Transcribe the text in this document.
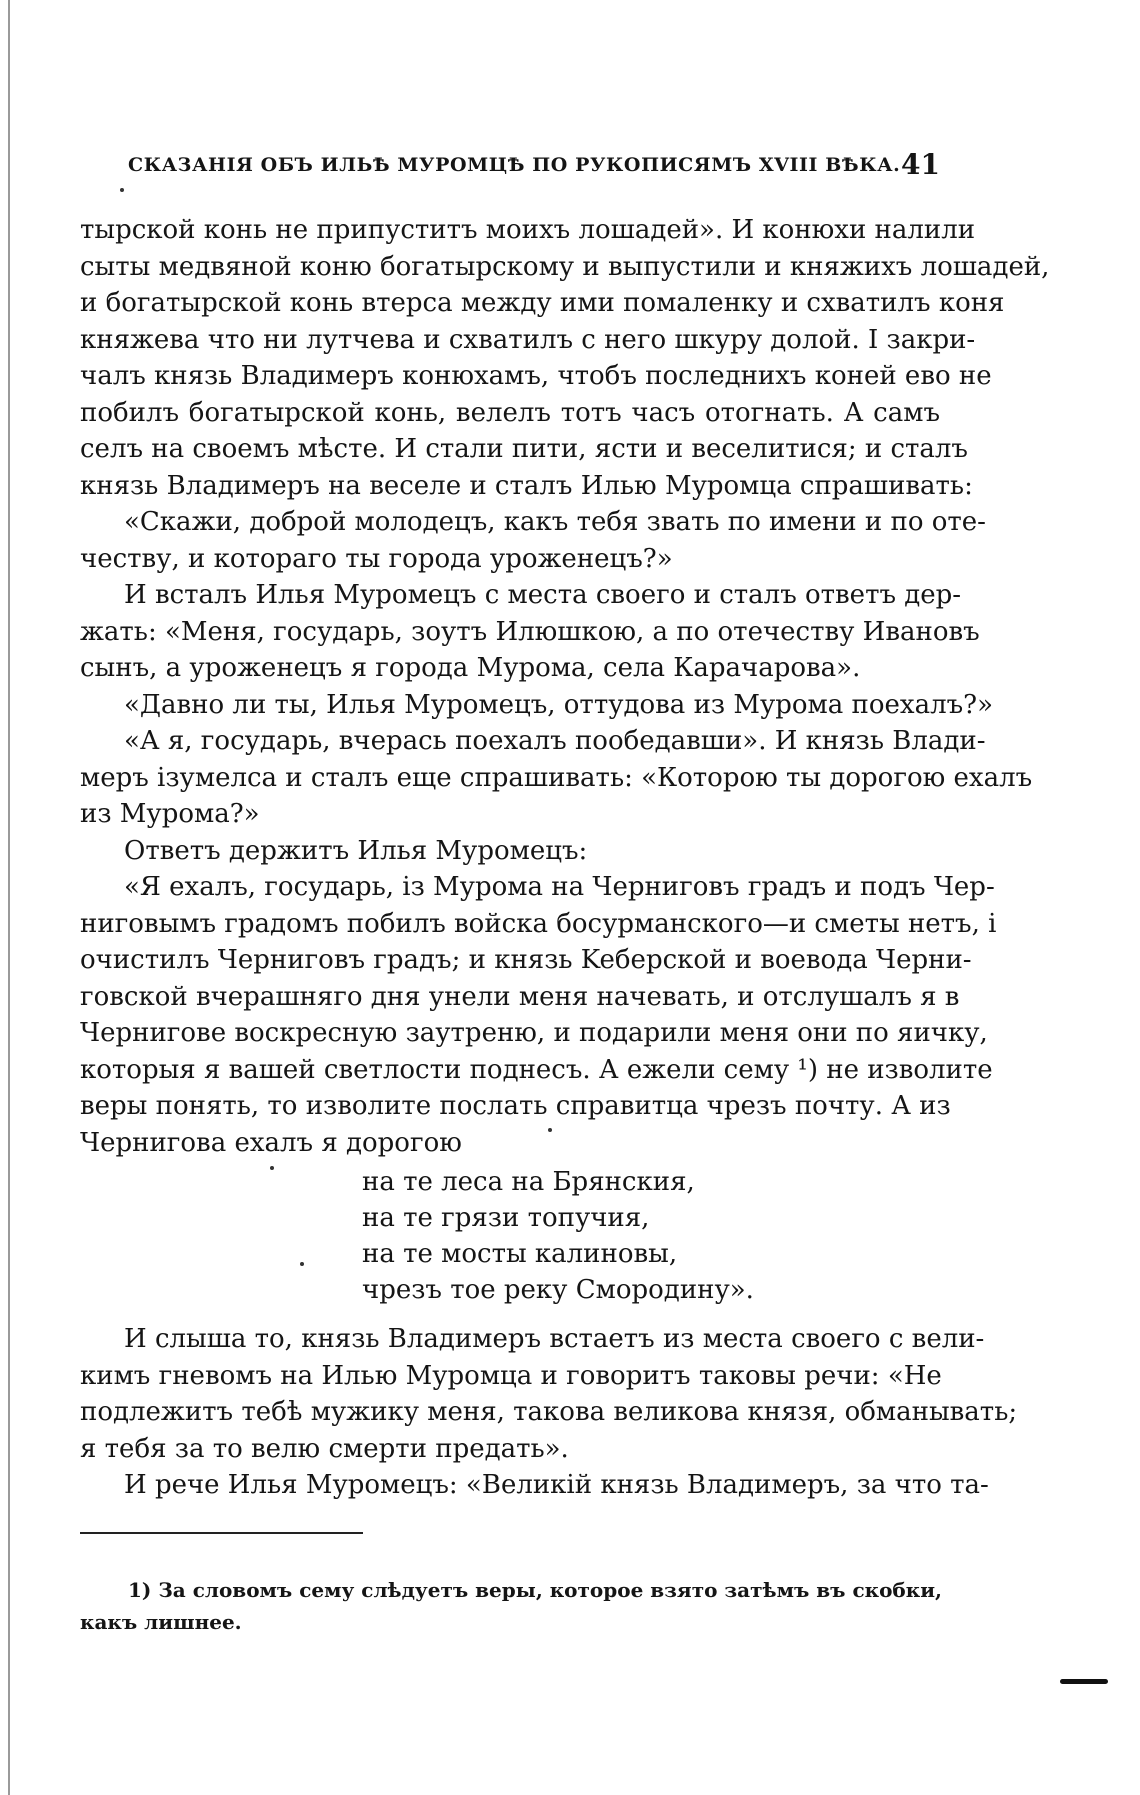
СКАЗАНІЯ ОБЪ ИЛЬѢ МУРОМЦѢ ПО РУКОПИСЯМЪ XVIII ВѢКА. 41
тырской конь не припуститъ моихъ лошадей». И конюхи налили
сыты медвяной коню богатырскому и выпустили и княжихъ лошадей,
и богатырской конь втерса между ими помаленку и схватилъ коня
княжева что ни лутчева и схватилъ с него шкуру долой. I закри-
чалъ князь Владимеръ конюхамъ, чтобъ последнихъ коней ево не
побилъ богатырской конь, велелъ тотъ часъ отогнать. А самъ
селъ на своемъ мѣсте. И стали пити, ясти и веселитися; и сталъ
князь Владимеръ на веселе и сталъ Илью Муромца спрашивать:
«Скажи, доброй молодецъ, какъ тебя звать по имени и по оте-
честву, и котораго ты города уроженецъ?»
И всталъ Илья Муромецъ с места своего и сталъ ответъ дер-
жать: «Меня, государь, зоутъ Илюшкою, а по отечеству Ивановъ
сынъ, а уроженецъ я города Мурома, села Карачарова».
«Давно ли ты, Илья Муромецъ, оттудова из Мурома поехалъ?»
«А я, государь, вчерась поехалъ пообедавши». И князь Влади-
меръ ізумелса и сталъ еще спрашивать: «Которою ты дорогою ехалъ
из Мурома?»
Ответъ держитъ Илья Муромецъ:
«Я ехалъ, государь, із Мурома на Черниговъ градъ и подъ Чер-
ниговымъ градомъ побилъ войска босурманского—и сметы нетъ, і
очистилъ Черниговъ градъ; и князь Keберской и воевода Черни-
говской вчерашняго дня унели меня начевать, и отслушалъ я в
Чернигове воскресную заутреню, и подарили меня они по яичку,
которыя я вашей светлости поднесъ. А ежели сему ¹) не изволите
веры понять, то изволите послать справитца чрезъ почту. А из
Чернигова ехалъ я дорогою
на те леса на Брянския,
на те грязи топучия,
на те мосты калиновы,
чрезъ тое реку Смородину».
И слыша то, князь Владимеръ встаетъ из места своего с вели-
кимъ гневомъ на Илью Муромца и говоритъ таковы речи: «Не
подлежитъ тебѣ мужику меня, такова великова князя, обманывать;
я тебя за то велю смерти предать».
И рече Илья Муромецъ: «Великій князь Владимеръ, за что та-
1) За словомъ сему слѣдуетъ веры, которое взято затѣмъ въ скобки,
какъ лишнее.
